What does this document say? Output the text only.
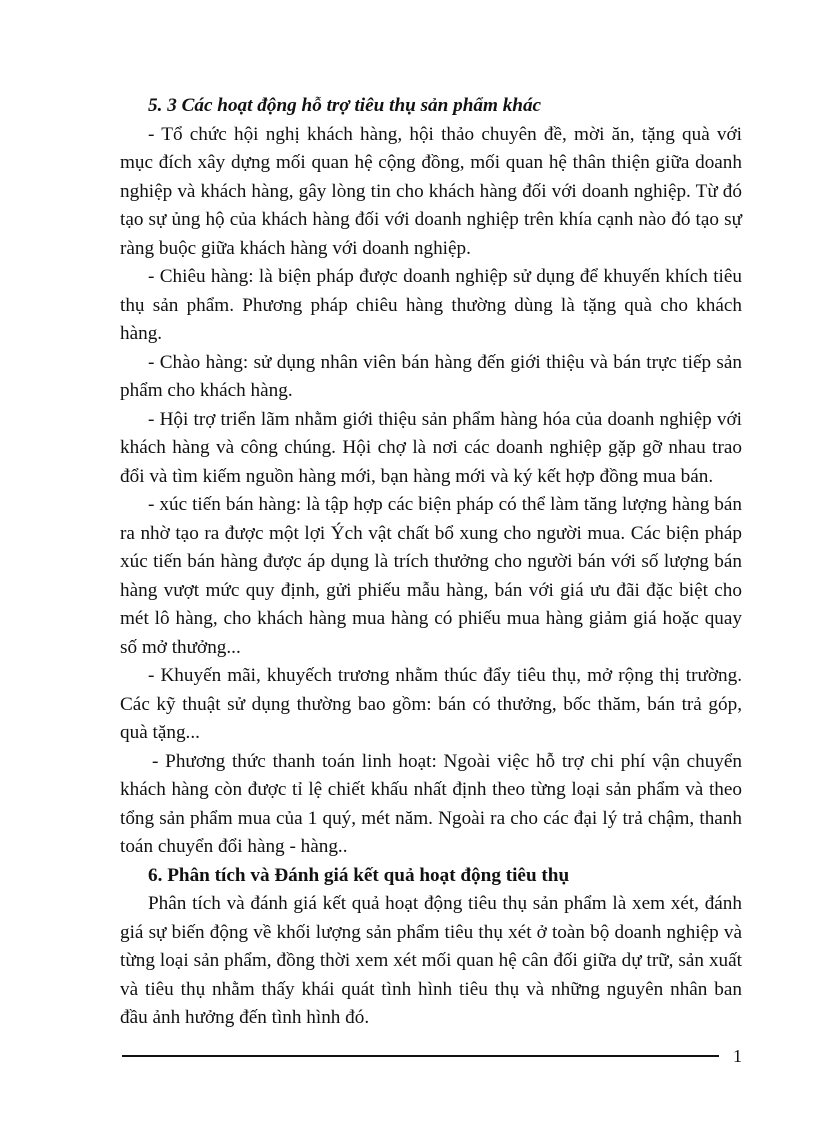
5. 3 Các hoạt động hỗ trợ tiêu thụ sản phẩm khác

- Tổ chức hội nghị khách hàng, hội thảo chuyên đề, mời ăn, tặng quà với mục đích xây dựng mối quan hệ cộng đồng, mối quan hệ thân thiện giữa doanh nghiệp và khách hàng, gây lòng tin cho khách hàng đối với doanh nghiệp. Từ đó tạo sự ủng hộ của khách hàng đối với doanh nghiệp trên khía cạnh nào đó tạo sự ràng buộc giữa khách hàng với doanh nghiệp.

- Chiêu hàng: là biện pháp được doanh nghiệp sử dụng để khuyến khích tiêu thụ sản phẩm. Phương pháp chiêu hàng thường dùng là tặng quà cho khách hàng.

- Chào hàng: sử dụng nhân viên bán hàng đến giới thiệu và bán trực tiếp sản phẩm cho khách hàng.

- Hội trợ triển lãm nhằm giới thiệu sản phẩm hàng hóa của doanh nghiệp với khách hàng và công chúng. Hội chợ là nơi các doanh nghiệp gặp gỡ nhau trao đổi và tìm kiếm nguồn hàng mới, bạn hàng mới và ký kết hợp đồng mua bán.

- xúc tiến bán hàng: là tập hợp các biện pháp có thể làm tăng lượng hàng bán ra nhờ tạo ra được một lợi Ých vật chất bổ xung cho người mua. Các biện pháp xúc tiến bán hàng được áp dụng là trích thưởng cho người bán với số lượng bán hàng vượt mức quy định, gửi phiếu mẫu hàng, bán với giá ưu đãi đặc biệt cho mét lô hàng, cho khách hàng mua hàng có phiếu mua hàng giảm giá hoặc quay số mở thưởng...

- Khuyến mãi, khuyếch trương nhằm thúc đẩy tiêu thụ, mở rộng thị trường. Các kỹ thuật sử dụng thường bao gồm: bán có thưởng, bốc thăm, bán trả góp, quà tặng...

- Phương thức thanh toán linh hoạt: Ngoài việc hỗ trợ chi phí vận chuyển khách hàng còn được tỉ lệ chiết khấu nhất định theo từng loại sản phẩm và theo tổng sản phẩm mua của 1 quý, mét năm. Ngoài ra cho các đại lý trả chậm, thanh toán chuyển đổi hàng - hàng..

6. Phân tích và Đánh giá kết quả hoạt động tiêu thụ

Phân tích và đánh giá kết quả hoạt động tiêu thụ sản phẩm là xem xét, đánh giá sự biến động về khối lượng sản phẩm tiêu thụ xét ở toàn bộ doanh nghiệp và từng loại sản phẩm, đồng thời xem xét mối quan hệ cân đối giữa dự trữ, sản xuất và tiêu thụ nhằm thấy khái quát tình hình tiêu thụ và những nguyên nhân ban đầu ảnh hưởng đến tình hình đó.

1
